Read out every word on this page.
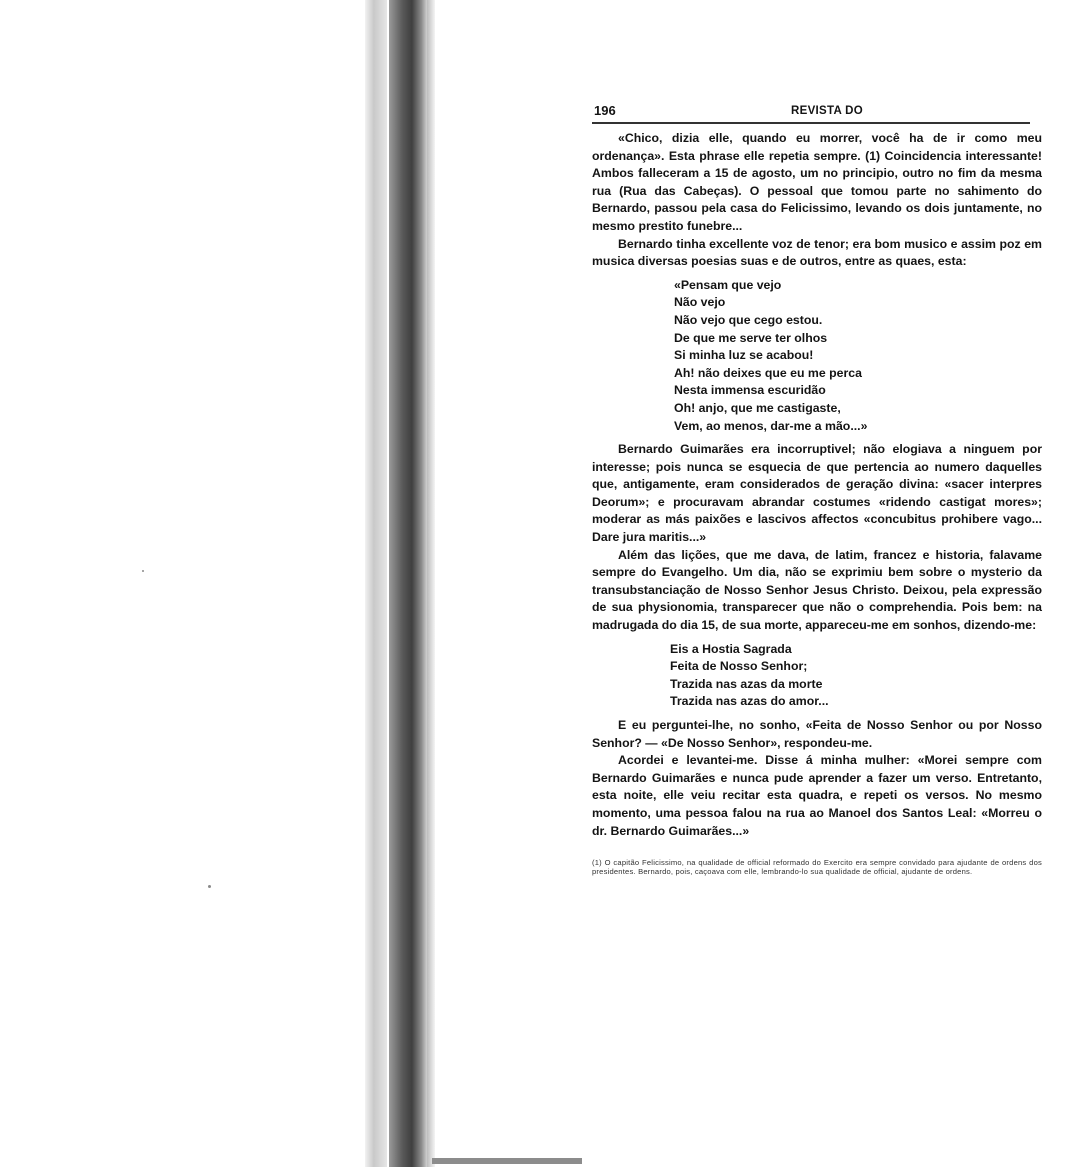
196	REVISTA DO

«Chico, dizia elle, quando eu morrer, você ha de ir como meu ordenança». Esta phrase elle repetia sempre. (1) Coincidencia interessante! Ambos falleceram a 15 de agosto, um no principio, outro no fim da mesma rua (Rua das Cabeças). O pessoal que tomou parte no sahimento do Bernardo, passou pela casa do Felicissimo, levando os dois juntamente, no mesmo prestito funebre...

Bernardo tinha excellente voz de tenor; era bom musico e assim poz em musica diversas poesias suas e de outros, entre as quaes, esta:

«Pensam que vejo
Não vejo
Não vejo que cego estou.
De que me serve ter olhos
Si minha luz se acabou!
Ah! não deixes que eu me perca
Nesta immensa escuridão
Oh! anjo, que me castigaste,
Vem, ao menos, dar-me a mão...»

Bernardo Guimarães era incorruptivel; não elogiava a ninguem por interesse; pois nunca se esquecia de que pertencia ao numero daquelles que, antigamente, eram considerados de geração divina: «sacer interpres Deorum»; e procuravam abrandar costumes «ridendo castigat mores»; moderar as más paixões e lascivos affectos «concubitus prohibere vago... Dare jura maritis...»

Além das lições, que me dava, de latim, francez e historia, falavame sempre do Evangelho. Um dia, não se exprimiu bem sobre o mysterio da transubstanciação de Nosso Senhor Jesus Christo. Deixou, pela expressão de sua physionomia, transparecer que não o comprehendia. Pois bem: na madrugada do dia 15, de sua morte, appareceu-me em sonhos, dizendo-me:

Eis a Hostia Sagrada
Feita de Nosso Senhor;
Trazida nas azas da morte
Trazida nas azas do amor...

E eu perguntei-lhe, no sonho, «Feita de Nosso Senhor ou por Nosso Senhor? — «De Nosso Senhor», respondeu-me.

Acordei e levantei-me. Disse á minha mulher: «Morei sempre com Bernardo Guimarães e nunca pude aprender a fazer um verso. Entretanto, esta noite, elle veiu recitar esta quadra, e repeti os versos. No mesmo momento, uma pessoa falou na rua ao Manoel dos Santos Leal: «Morreu o dr. Bernardo Guimarães...»

(1) O capitão Felicissimo, na qualidade de official reformado do Exercito era sempre convidado para ajudante de ordens dos presidentes. Bernardo, pois, caçoava com elle, lembrando-lo sua qualidade de official, ajudante de ordens.
